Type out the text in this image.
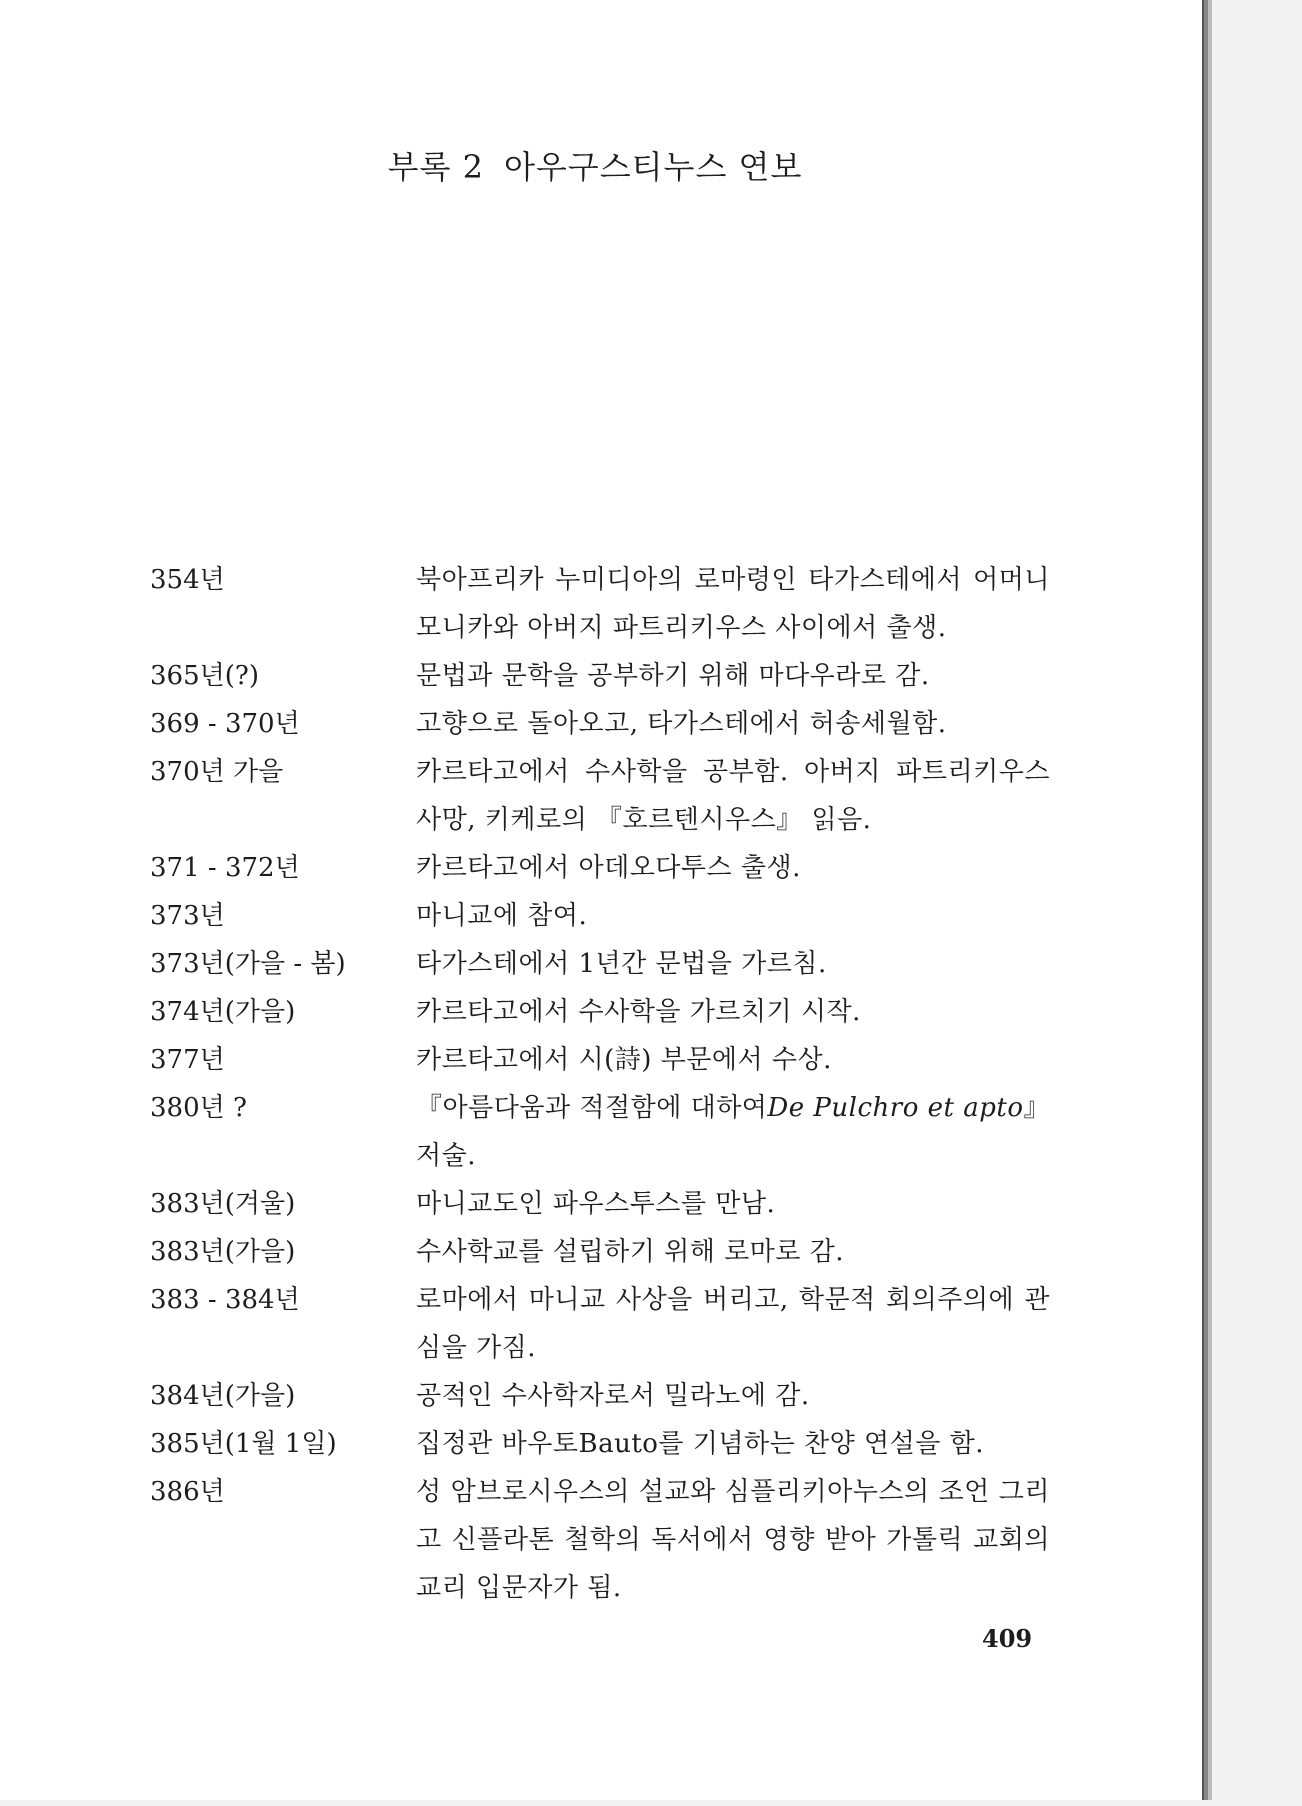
부록 2 아우구스티누스 연보
354년	북아프리카 누미디아의 로마령인 타가스테에서 어머니 모니카와 아버지 파트리키우스 사이에서 출생.
365년(?)	문법과 문학을 공부하기 위해 마다우라로 감.
369 - 370년	고향으로 돌아오고, 타가스테에서 허송세월함.
370년 가을	카르타고에서 수사학을 공부함. 아버지 파트리키우스 사망, 키케로의 『호르텐시우스』 읽음.
371 - 372년	카르타고에서 아데오다투스 출생.
373년	마니교에 참여.
373년(가을 - 봄)	타가스테에서 1년간 문법을 가르침.
374년(가을)	카르타고에서 수사학을 가르치기 시작.
377년	카르타고에서 시(詩) 부문에서 수상.
380년 ?	『아름다움과 적절함에 대하여De Pulchro et apto』 저술.
383년(겨울)	마니교도인 파우스투스를 만남.
383년(가을)	수사학교를 설립하기 위해 로마로 감.
383 - 384년	로마에서 마니교 사상을 버리고, 학문적 회의주의에 관심을 가짐.
384년(가을)	공적인 수사학자로서 밀라노에 감.
385년(1월 1일)	집정관 바우토Bauto를 기념하는 찬양 연설을 함.
386년	성 암브로시우스의 설교와 심플리키아누스의 조언 그리고 신플라톤 철학의 독서에서 영향 받아 가톨릭 교회의 교리 입문자가 됨.
409
